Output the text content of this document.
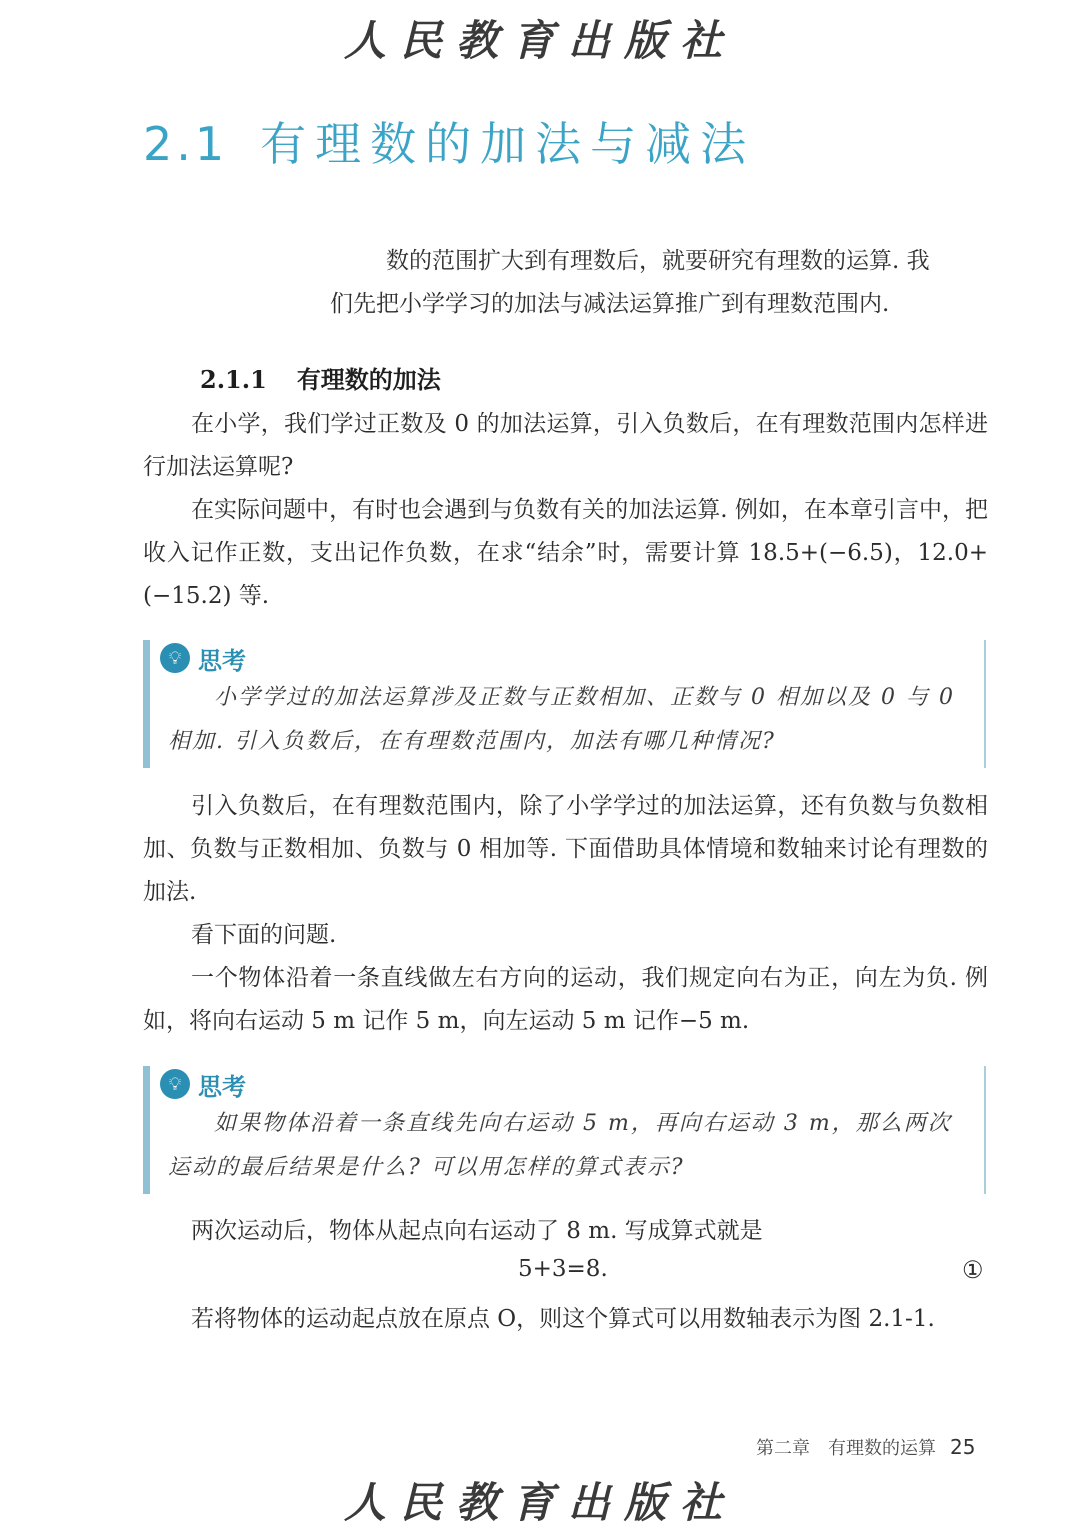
人民教育出版社
2.1 有理数的加法与减法

数的范围扩大到有理数后，就要研究有理数的运算. 我

们先把小学学习的加法与减法运算推广到有理数范围内.

2.1.1 有理数的加法

在小学，我们学过正数及 0 的加法运算，引入负数后，在有理数范围内怎样进行加法运算呢?

在实际问题中，有时也会遇到与负数有关的加法运算. 例如，在本章引言中，把收入记作正数，支出记作负数，在求“结余”时，需要计算 18.5+(−6.5)，12.0+(−15.2) 等.

💡︎ 思考

小学学过的加法运算涉及正数与正数相加、正数与 0 相加以及 0 与 0 相加. 引入负数后，在有理数范围内，加法有哪几种情况?

引入负数后，在有理数范围内，除了小学学过的加法运算，还有负数与负数相加、负数与正数相加、负数与 0 相加等. 下面借助具体情境和数轴来讨论有理数的加法.

看下面的问题.

一个物体沿着一条直线做左右方向的运动，我们规定向右为正，向左为负. 例如，将向右运动 5 m 记作 5 m，向左运动 5 m 记作−5 m.

💡︎ 思考

如果物体沿着一条直线先向右运动 5 m，再向右运动 3 m，那么两次运动的最后结果是什么? 可以用怎样的算式表示?

两次运动后，物体从起点向右运动了 8 m. 写成算式就是

5+3=8.	①

若将物体的运动起点放在原点 O，则这个算式可以用数轴表示为图 2.1-1.

第二章 有理数的运算 25
人民教育出版社
